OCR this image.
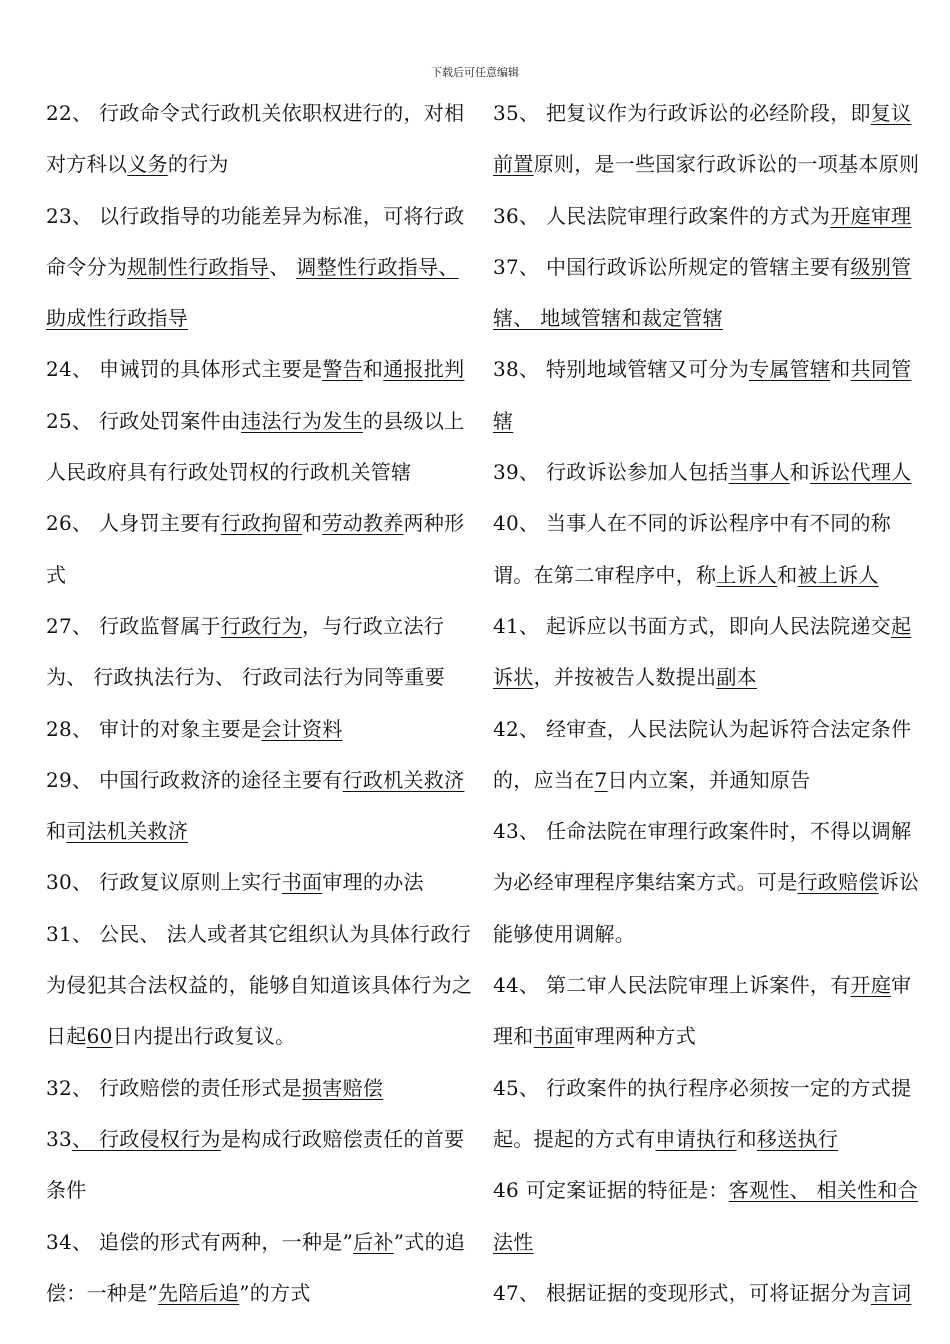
下载后可任意编辑

22、 行政命令式行政机关依职权进行的，对相对方科以义务的行为

23、 以行政指导的功能差异为标准，可将行政命令分为规制性行政指导、 调整性行政指导、 助成性行政指导

24、 申诫罚的具体形式主要是警告和通报批判

25、 行政处罚案件由违法行为发生的县级以上人民政府具有行政处罚权的行政机关管辖

26、 人身罚主要有行政拘留和劳动教养两种形式

27、 行政监督属于行政行为，与行政立法行为、 行政执法行为、 行政司法行为同等重要

28、 审计的对象主要是会计资料

29、 中国行政救济的途径主要有行政机关救济和司法机关救济

30、 行政复议原则上实行书面审理的办法

31、 公民、 法人或者其它组织认为具体行政行为侵犯其合法权益的，能够自知道该具体行为之日起60日内提出行政复议。

32、 行政赔偿的责任形式是损害赔偿

33、 行政侵权行为是构成行政赔偿责任的首要条件

34、 追偿的形式有两种，一种是”后补”式的追偿：一种是”先陪后追”的方式

35、 把复议作为行政诉讼的必经阶段，即复议前置原则，是一些国家行政诉讼的一项基本原则

36、 人民法院审理行政案件的方式为开庭审理

37、 中国行政诉讼所规定的管辖主要有级别管辖、 地域管辖和裁定管辖

38、 特别地域管辖又可分为专属管辖和共同管辖

39、 行政诉讼参加人包括当事人和诉讼代理人

40、 当事人在不同的诉讼程序中有不同的称谓。在第二审程序中，称上诉人和被上诉人

41、 起诉应以书面方式，即向人民法院递交起诉状，并按被告人数提出副本

42、 经审查，人民法院认为起诉符合法定条件的，应当在7日内立案，并通知原告

43、 任命法院在审理行政案件时，不得以调解为必经审理程序集结案方式。可是行政赔偿诉讼能够使用调解。

44、 第二审人民法院审理上诉案件，有开庭审理和书面审理两种方式

45、 行政案件的执行程序必须按一定的方式提起。提起的方式有申请执行和移送执行

46 可定案证据的特征是：客观性、 相关性和合法性

47、 根据证据的变现形式，可将证据分为言词
